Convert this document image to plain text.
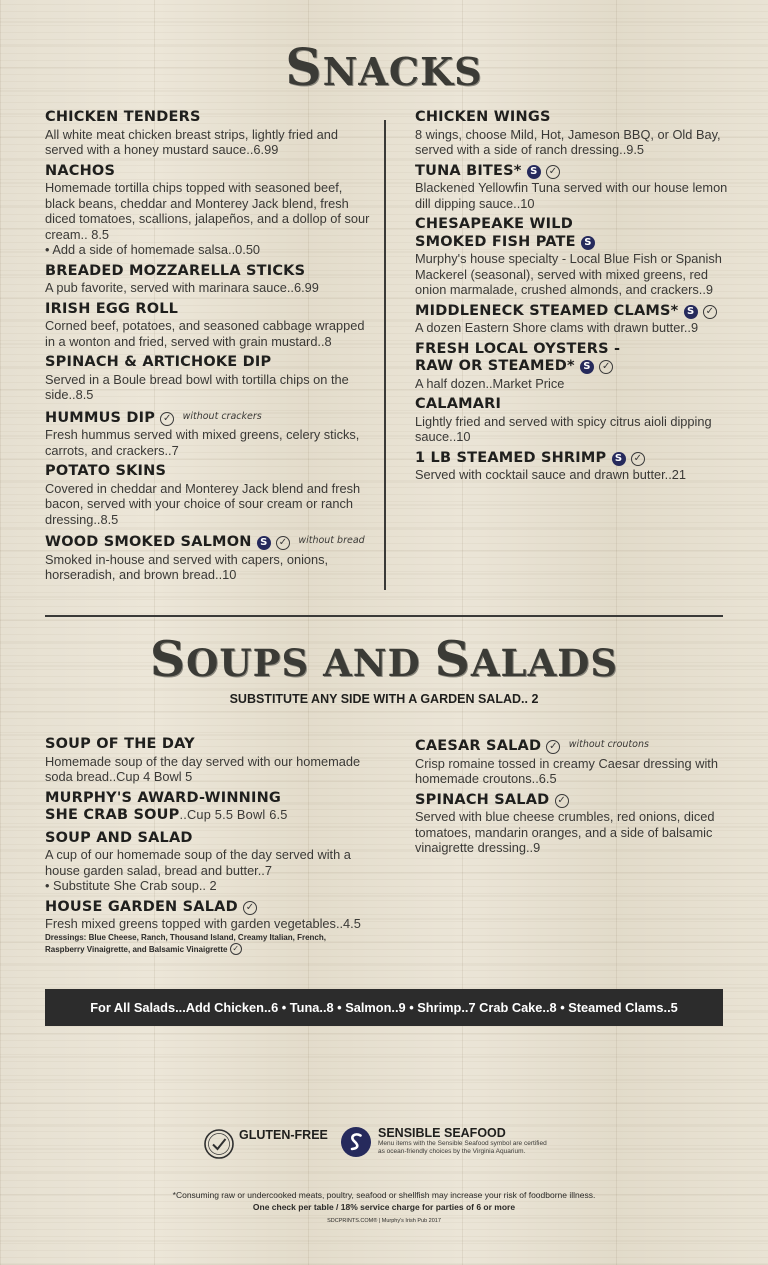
SNACKS
CHICKEN TENDERS
All white meat chicken breast strips, lightly fried and served with a honey mustard sauce..6.99
NACHOS
Homemade tortilla chips topped with seasoned beef, black beans, cheddar and Monterey Jack blend, fresh diced tomatoes, scallions, jalapeños, and a dollop of sour cream.. 8.5
• Add a side of homemade salsa..0.50
BREADED MOZZARELLA STICKS
A pub favorite, served with marinara sauce..6.99
IRISH EGG ROLL
Corned beef, potatoes, and seasoned cabbage wrapped in a wonton and fried, served with grain mustard..8
SPINACH & ARTICHOKE DIP
Served in a Boule bread bowl with tortilla chips on the side..8.5
HUMMUS DIP ✓ $^{without crackers}$
Fresh hummus served with mixed greens, celery sticks, carrots, and crackers..7
POTATO SKINS
Covered in cheddar and Monterey Jack blend and fresh bacon, served with your choice of sour cream or ranch dressing..8.5
WOOD SMOKED SALMON S ✓ $^{without bread}$
Smoked in-house and served with capers, onions, horseradish, and brown bread..10
CHICKEN WINGS
8 wings, choose Mild, Hot, Jameson BBQ, or Old Bay, served with a side of ranch dressing..9.5
TUNA BITES* S ✓
Blackened Yellowfin Tuna served with our house lemon dill dipping sauce..10
CHESAPEAKE WILD
SMOKED FISH PATE S
Murphy's house specialty - Local Blue Fish or Spanish Mackerel (seasonal), served with mixed greens, red onion marmalade, crushed almonds, and crackers..9
MIDDLENECK STEAMED CLAMS* S ✓
A dozen Eastern Shore clams with drawn butter..9
FRESH LOCAL OYSTERS -
RAW OR STEAMED* S ✓
A half dozen..Market Price
CALAMARI
Lightly fried and served with spicy citrus aioli dipping sauce..10
1 LB STEAMED SHRIMP S ✓
Served with cocktail sauce and drawn butter..21
SOUPS AND SALADS
SUBSTITUTE ANY SIDE WITH A GARDEN SALAD.. 2
SOUP OF THE DAY
Homemade soup of the day served with our homemade soda bread..Cup 4 Bowl 5
MURPHY'S AWARD-WINNING
SHE CRAB SOUP..Cup 5.5 Bowl 6.5
SOUP AND SALAD
A cup of our homemade soup of the day served with a house garden salad, bread and butter..7
• Substitute She Crab soup.. 2
HOUSE GARDEN SALAD ✓
Fresh mixed greens topped with garden vegetables..4.5
Dressings: Blue Cheese, Ranch, Thousand Island, Creamy Italian, French, Raspberry Vinaigrette, and Balsamic Vinaigrette ✓
CAESAR SALAD ✓ $^{without croutons}$
Crisp romaine tossed in creamy Caesar dressing with homemade croutons..6.5
SPINACH SALAD ✓
Served with blue cheese crumbles, red onions, diced tomatoes, mandarin oranges, and a side of balsamic vinaigrette dressing..9
For All Salads...Add Chicken..6 • Tuna..8 • Salmon..9 • Shrimp..7 Crab Cake..8 • Steamed Clams..5
GLUTEN-FREE	SENSIBLE SEAFOOD
Menu items with the Sensible Seafood symbol are certified as ocean-friendly choices by the Virginia Aquarium.
*Consuming raw or undercooked meats, poultry, seafood or shellfish may increase your risk of foodborne illness.
One check per table / 18% service charge for parties of 6 or more
SDCPRINTS.COM® | Murphy's Irish Pub 2017
